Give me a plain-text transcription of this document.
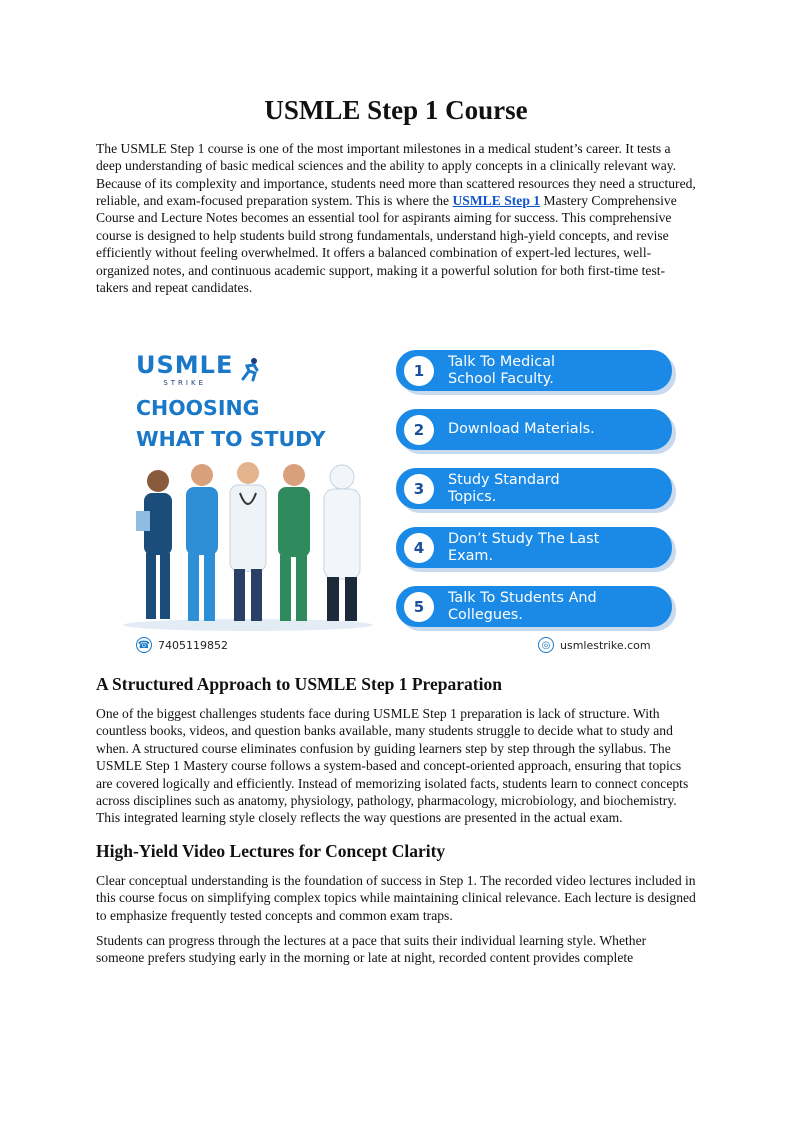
USMLE Step 1 Course

The USMLE Step 1 course is one of the most important milestones in a medical student’s career. It tests a deep understanding of basic medical sciences and the ability to apply concepts in a clinically relevant way. Because of its complexity and importance, students need more than scattered resources they need a structured, reliable, and exam-focused preparation system. This is where the USMLE Step 1 Mastery Comprehensive Course and Lecture Notes becomes an essential tool for aspirants aiming for success. This comprehensive course is designed to help students build strong fundamentals, understand high-yield concepts, and revise efficiently without feeling overwhelmed. It offers a balanced combination of expert-led lectures, well-organized notes, and continuous academic support, making it a powerful solution for both first-time test-takers and repeat candidates.

USMLE
STRIKE
CHOOSING
WHAT TO STUDY
1	Talk To Medical
School Faculty.
2	Download Materials.
3	Study Standard
Topics.
4	Don’t Study The Last
Exam.
5	Talk To Students And
Collegues.
☎ 7405119852	◎ usmlestrike.com
A Structured Approach to USMLE Step 1 Preparation

One of the biggest challenges students face during USMLE Step 1 preparation is lack of structure. With countless books, videos, and question banks available, many students struggle to decide what to study and when. A structured course eliminates confusion by guiding learners step by step through the syllabus. The USMLE Step 1 Mastery course follows a system-based and concept-oriented approach, ensuring that topics are covered logically and efficiently. Instead of memorizing isolated facts, students learn to connect concepts across disciplines such as anatomy, physiology, pathology, pharmacology, microbiology, and biochemistry. This integrated learning style closely reflects the way questions are presented in the actual exam.

High-Yield Video Lectures for Concept Clarity

Clear conceptual understanding is the foundation of success in Step 1. The recorded video lectures included in this course focus on simplifying complex topics while maintaining clinical relevance. Each lecture is designed to emphasize frequently tested concepts and common exam traps.

Students can progress through the lectures at a pace that suits their individual learning style. Whether someone prefers studying early in the morning or late at night, recorded content provides complete
